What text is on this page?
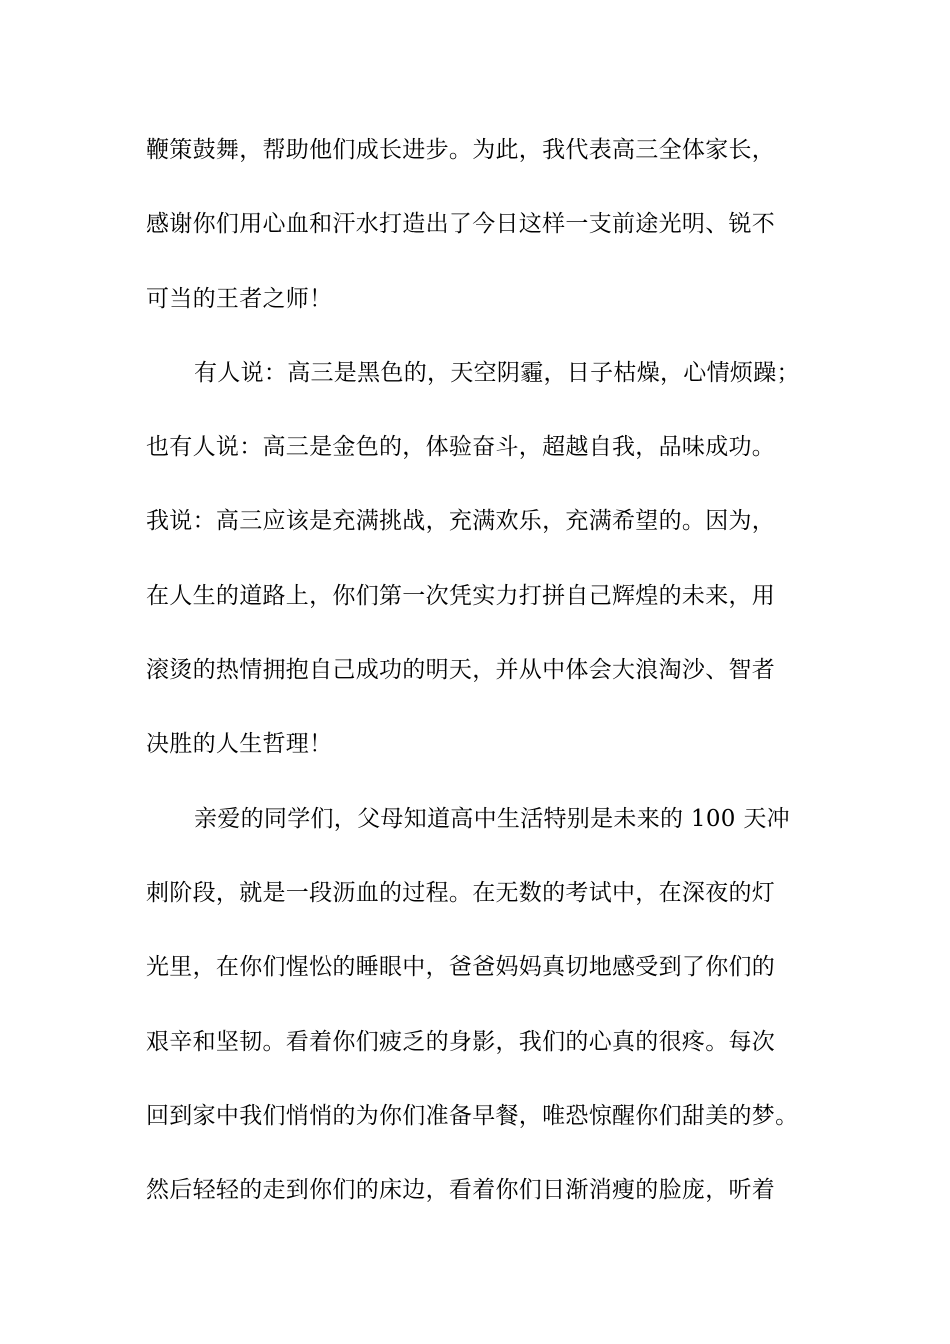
鞭策鼓舞，帮助他们成长进步。为此，我代表高三全体家长，
感谢你们用心血和汗水打造出了今日这样一支前途光明、锐不
可当的王者之师！
有人说：高三是黑色的，天空阴霾，日子枯燥，心情烦躁；
也有人说：高三是金色的，体验奋斗，超越自我，品味成功。
我说：高三应该是充满挑战，充满欢乐，充满希望的。因为，
在人生的道路上，你们第一次凭实力打拼自己辉煌的未来，用
滚烫的热情拥抱自己成功的明天，并从中体会大浪淘沙、智者
决胜的人生哲理！
亲爱的同学们，父母知道高中生活特别是未来的 100 天冲
刺阶段，就是一段沥血的过程。在无数的考试中，在深夜的灯
光里，在你们惺忪的睡眼中，爸爸妈妈真切地感受到了你们的
艰辛和坚韧。看着你们疲乏的身影，我们的心真的很疼。每次
回到家中我们悄悄的为你们准备早餐，唯恐惊醒你们甜美的梦。
然后轻轻的走到你们的床边，看着你们日渐消瘦的脸庞，听着
